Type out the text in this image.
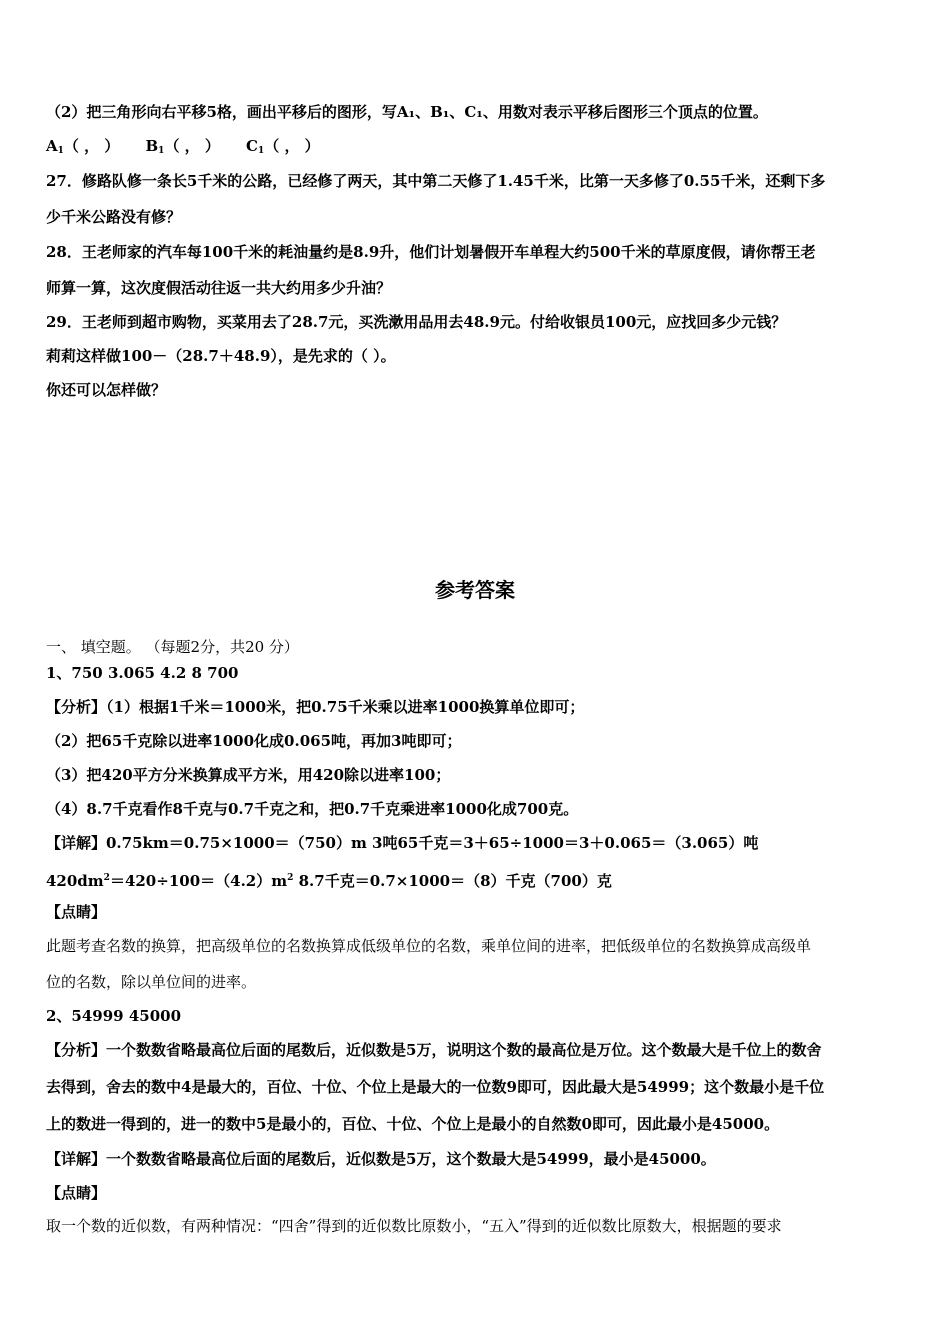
（2）把三角形向右平移5格，画出平移后的图形，写A₁、B₁、C₁、用数对表示平移后图形三个顶点的位置。
$A_1$（ ， ） $B_1$（ ， ） $C_1$（ ， ）
27．修路队修一条长5千米的公路，已经修了两天，其中第二天修了1.45千米，比第一天多修了0.55千米，还剩下多
少千米公路没有修？
28．王老师家的汽车每100千米的耗油量约是8.9升，他们计划暑假开车单程大约500千米的草原度假，请你帮王老
师算一算，这次度假活动往返一共大约用多少升油？
29．王老师到超市购物，买菜用去了28.7元，买洗漱用品用去48.9元。付给收银员100元，应找回多少元钱？
莉莉这样做100－（28.7＋48.9），是先求的（ ）。
你还可以怎样做？
参考答案
一、 填空题。 （每题2分，共20 分）
1、750 3.065 4.2 8 700
【分析】（1）根据1千米＝1000米，把0.75千米乘以进率1000换算单位即可；
（2）把65千克除以进率1000化成0.065吨，再加3吨即可；
（3）把420平方分米换算成平方米，用420除以进率100；
（4）8.7千克看作8千克与0.7千克之和，把0.7千克乘进率1000化成700克。
【详解】0.75km＝0.75×1000＝（750）m 3吨65千克＝3＋65÷1000＝3＋0.065＝（3.065）吨
$420dm^2=420\div 100=(4.2)m^2$ 8.7千克＝0.7×1000＝（8）千克（700）克
【点睛】
此题考查名数的换算，把高级单位的名数换算成低级单位的名数，乘单位间的进率，把低级单位的名数换算成高级单
位的名数，除以单位间的进率。
2、54999 45000
【分析】一个数数省略最高位后面的尾数后，近似数是5万，说明这个数的最高位是万位。这个数最大是千位上的数舍
去得到，舍去的数中4是最大的，百位、十位、个位上是最大的一位数9即可，因此最大是54999；这个数最小是千位
上的数进一得到的，进一的数中5是最小的，百位、十位、个位上是最小的自然数0即可，因此最小是45000。
【详解】一个数数省略最高位后面的尾数后，近似数是5万，这个数最大是54999，最小是45000。
【点睛】
取一个数的近似数，有两种情况：“四舍”得到的近似数比原数小，“五入”得到的近似数比原数大，根据题的要求
